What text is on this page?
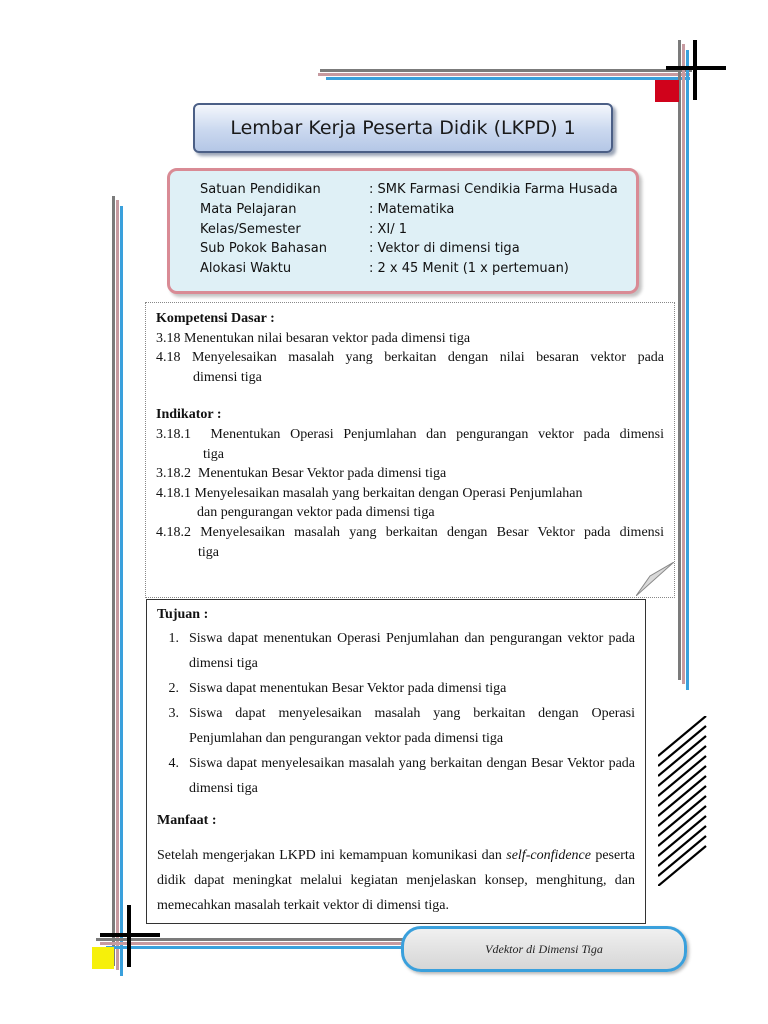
Lembar Kerja Peserta Didik (LKPD) 1
Satuan Pendidikan	: SMK Farmasi Cendikia Farma Husada
Mata Pelajaran	: Matematika
Kelas/Semester	: XI/ 1
Sub Pokok Bahasan	: Vektor di dimensi tiga
Alokasi Waktu	: 2 x 45 Menit (1 x pertemuan)

Kompetensi Dasar :

3.18 Menentukan nilai besaran vektor pada dimensi tiga

4.18 Menyelesaikan masalah yang berkaitan dengan nilai besaran vektor pada

dimensi tiga

Indikator :

3.18.1 Menentukan Operasi Penjumlahan dan pengurangan vektor pada dimensi

tiga

3.18.2 Menentukan Besar Vektor pada dimensi tiga

4.18.1 Menyelesaikan masalah yang berkaitan dengan Operasi Penjumlahan

dan pengurangan vektor pada dimensi tiga

4.18.2 Menyelesaikan masalah yang berkaitan dengan Besar Vektor pada dimensi

tiga

Tujuan :

1. Siswa dapat menentukan Operasi Penjumlahan dan pengurangan vektor pada dimensi tiga
2. Siswa dapat menentukan Besar Vektor pada dimensi tiga
3. Siswa dapat menyelesaikan masalah yang berkaitan dengan Operasi Penjumlahan dan pengurangan vektor pada dimensi tiga
4. Siswa dapat menyelesaikan masalah yang berkaitan dengan Besar Vektor pada dimensi tiga

Manfaat :

Setelah mengerjakan LKPD ini kemampuan komunikasi dan self-confidence peserta didik dapat meningkat melalui kegiatan menjelaskan konsep, menghitung, dan memecahkan masalah terkait vektor di dimensi tiga.

Vdektor di Dimensi Tiga
